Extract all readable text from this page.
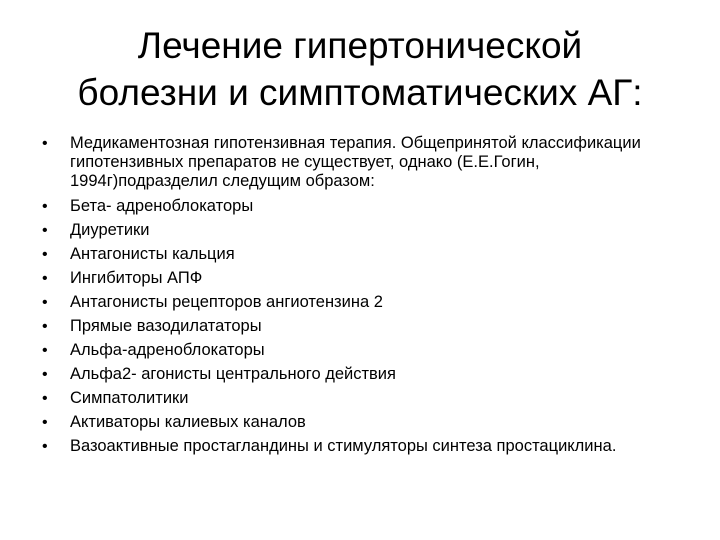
Лечение гипертонической
болезни и симптоматических АГ:
• Медикаментозная гипотензивная терапия. Общепринятой классификации гипотензивных препаратов не существует, однако (Е.Е.Гогин, 1994г)подразделил следущим образом:
• Бета- адреноблокаторы
• Диуретики
• Антагонисты кальция
• Ингибиторы АПФ
• Антагонисты рецепторов ангиотензина 2
• Прямые вазодилататоры
• Альфа-адреноблокаторы
• Альфа2- агонисты центрального действия
• Симпатолитики
• Активаторы калиевых каналов
• Вазоактивные простагландины и стимуляторы синтеза простациклина.
